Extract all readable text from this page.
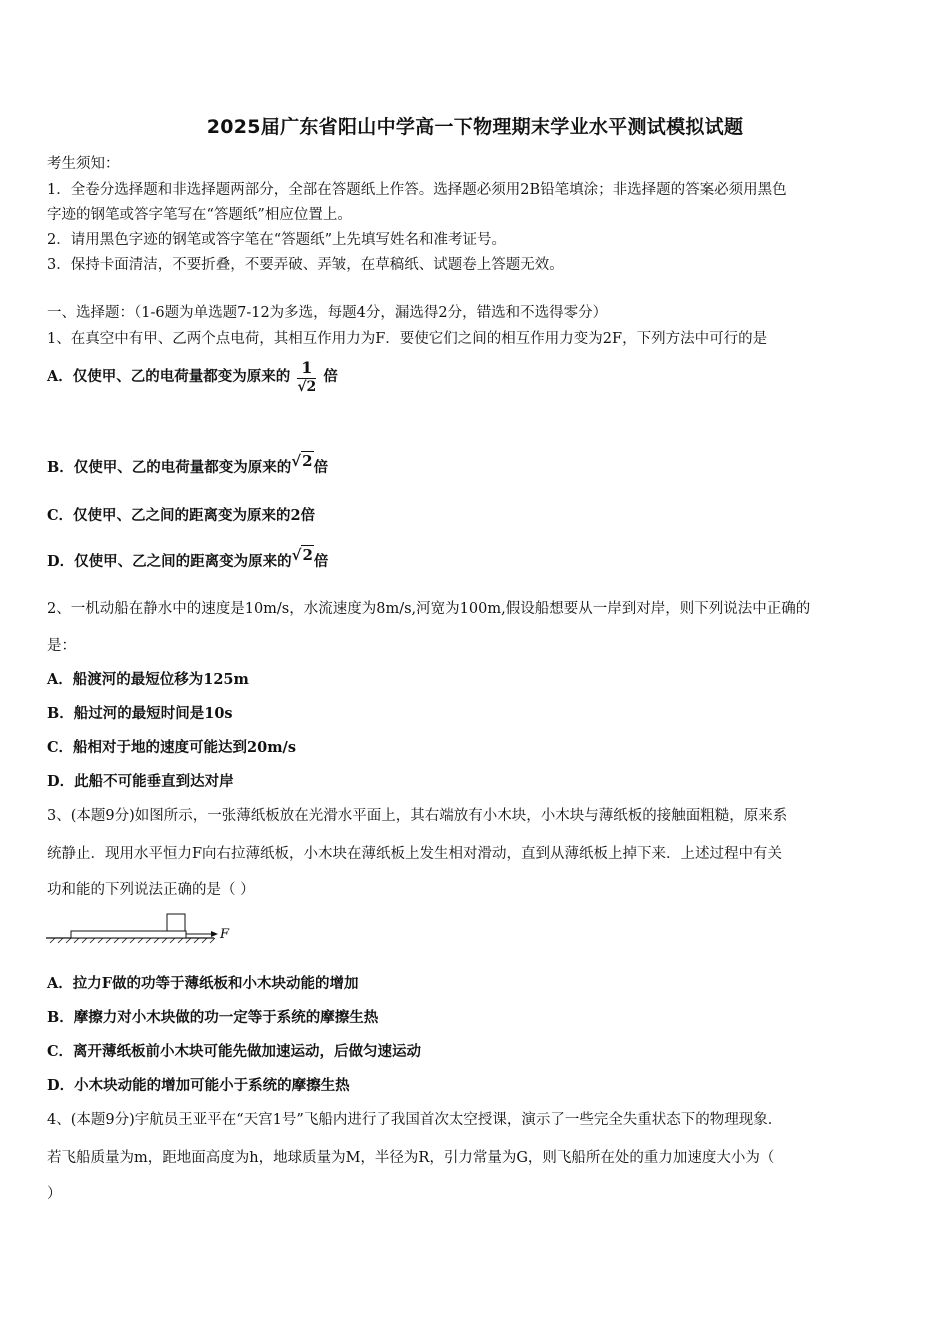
2025届广东省阳山中学高一下物理期末学业水平测试模拟试题
考生须知：
1．全卷分选择题和非选择题两部分，全部在答题纸上作答。选择题必须用2B铅笔填涂；非选择题的答案必须用黑色
字迹的钢笔或答字笔写在“答题纸”相应位置上。
2．请用黑色字迹的钢笔或答字笔在“答题纸”上先填写姓名和准考证号。
3．保持卡面清洁，不要折叠，不要弄破、弄皱，在草稿纸、试题卷上答题无效。
一、选择题：（1-6题为单选题7-12为多选，每题4分，漏选得2分，错选和不选得零分）
1、在真空中有甲、乙两个点电荷，其相互作用力为F．要使它们之间的相互作用力变为2F，下列方法中可行的是
A．仅使甲、乙的电荷量都变为原来的 $\frac{1}{√2}$ 倍
B．仅使甲、乙的电荷量都变为原来的√2倍
C．仅使甲、乙之间的距离变为原来的2倍
D．仅使甲、乙之间的距离变为原来的√2倍
2、一机动船在静水中的速度是10m/s，水流速度为8m/s,河宽为100m,假设船想要从一岸到对岸，则下列说法中正确的
是：
A．船渡河的最短位移为125m
B．船过河的最短时间是10s
C．船相对于地的速度可能达到20m/s
D．此船不可能垂直到达对岸
3、(本题9分)如图所示，一张薄纸板放在光滑水平面上，其右端放有小木块，小木块与薄纸板的接触面粗糙，原来系
统静止．现用水平恒力F向右拉薄纸板，小木块在薄纸板上发生相对滑动，直到从薄纸板上掉下来．上述过程中有关
功和能的下列说法正确的是（ ）
F
A．拉力F做的功等于薄纸板和小木块动能的增加
B．摩擦力对小木块做的功一定等于系统的摩擦生热
C．离开薄纸板前小木块可能先做加速运动，后做匀速运动
D．小木块动能的增加可能小于系统的摩擦生热
4、(本题9分)宇航员王亚平在“天宫1号”飞船内进行了我国首次太空授课，演示了一些完全失重状态下的物理现象．
若飞船质量为m，距地面高度为h，地球质量为M，半径为R，引力常量为G，则飞船所在处的重力加速度大小为（
）
